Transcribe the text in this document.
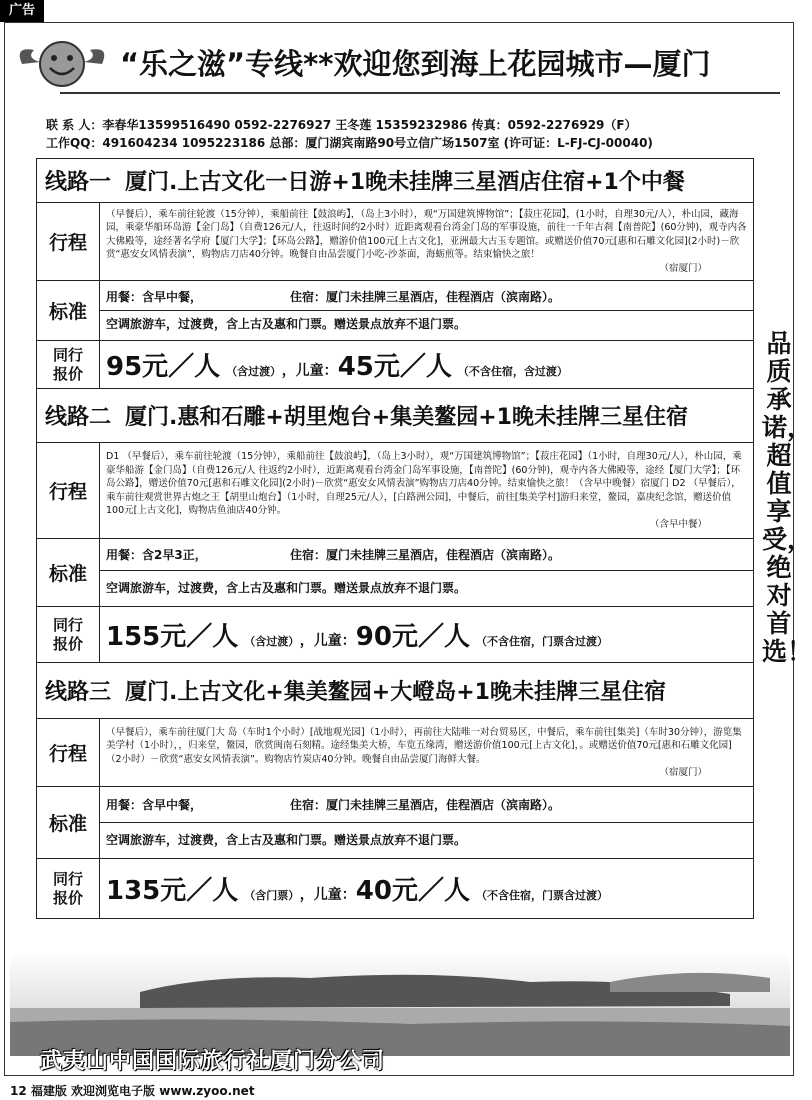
广告
“乐之滋”专线**欢迎您到海上花园城市—厦门
联 系 人：李春华13599516490 0592-2276927 王冬莲 15359232986 传真：0592-2276929（F）
工作QQ：491604234 1095223186 总部：厦门湖宾南路90号立信广场1507室 (许可证：L-FJ-CJ-00040)
线路一 厦门.上古文化一日游+1晚未挂牌三星酒店住宿+1个中餐	
行程	（早餐后），乘车前往轮渡（15分钟），乘船前往【鼓浪屿】，（岛上3小时），观“万国建筑博物馆”；【菽庄花园】，(1小时，自理30元/人），朴山园，藏海园，乘豪华船环岛游【金门岛】（自费126元/人，往返时间约2小时）近距离观看台湾金门岛的军事设施，前往一千年古刹【南普陀】(60分钟)，观寺内各大佛殿等，途经著名学府【厦门大学】；【环岛公路】，赠游价值100元[上古文化]，亚洲最大古玉专题馆。或赠送价值70元[惠和石雕文化园](2小时)－欣赏“惠安女风情表演”，购物店刀店40分钟。晚餐自由品尝厦门小吃-沙茶面，海蛎煎等。结束愉快之旅！
（宿厦门）

标准	用餐：含早中餐， 住宿：厦门未挂牌三星酒店，佳程酒店（滨南路）。
空调旅游车，过渡费，含上古及惠和门票。赠送景点放弃不退门票。

同行
报价	95元／人 （含过渡） ，儿童：45元／人 （不含住宿，含过渡）
线路二 厦门.惠和石雕+胡里炮台+集美鳌园+1晚未挂牌三星住宿	
行程	D1 （早餐后），乘车前往轮渡（15分钟），乘船前往【鼓浪屿】，（岛上3小时），观“万国建筑博物馆”；【菽庄花园】（1小时，自理30元/人），朴山园，乘豪华船游【金门岛】（自费126元/人 往返约2小时），近距离观看台湾金门岛军事设施，【南普陀】(60分钟)，观寺内各大佛殿等，途经【厦门大学】；【环岛公路】，赠送价值70元[惠和石雕文化园](2小时)－欣赏“惠安女风情表演”购物店刀店40分钟。结束愉快之旅！（含早中晚餐）宿厦门 D2 （早餐后），乘车前往观赏世界古炮之王【胡里山炮台】（1小时，自理25元/人），[白路洲公园]，中餐后，前往[集美学村]游归来堂，鳌园，嘉庚纪念馆，赠送价值100元[上古文化]，购物店鱼油店40分钟。
（含早中餐）

标准	用餐：含2早3正， 住宿：厦门未挂牌三星酒店，佳程酒店（滨南路）。
空调旅游车，过渡费，含上古及惠和门票。赠送景点放弃不退门票。

同行
报价	155元／人 （含过渡） ，儿童：90元／人 （不含住宿，门票含过渡）
线路三 厦门.上古文化+集美鳌园+大嶝岛+1晚未挂牌三星住宿	
行程	（早餐后），乘车前往厦门大 岛（车时1个小时）[战地观光园]（1小时），再前往大陆唯一对台贸易区，中餐后，乘车前往[集美]（车时30分钟），游览集美学村（1小时），，归来堂，鳌园，欣赏闽南石刻精。途经集美大桥，车览五缘湾，赠送游价值100元[上古文化]，。或赠送价值70元[惠和石雕文化园]（2小时）－欣赏“惠安女风情表演”。购物店竹炭店40分钟。晚餐自由品尝厦门海鲜大餐。
（宿厦门）

标准	用餐：含早中餐， 住宿：厦门未挂牌三星酒店，佳程酒店（滨南路）。
空调旅游车，过渡费，含上古及惠和门票。赠送景点放弃不退门票。

同行
报价	135元／人 （含门票） ，儿童：40元／人 （不含住宿，门票含过渡）
品质承诺，超值享受，绝对首选！
武夷山中国国际旅行社厦门分公司
12 福建版 欢迎浏览电子版 www.zyoo.net
